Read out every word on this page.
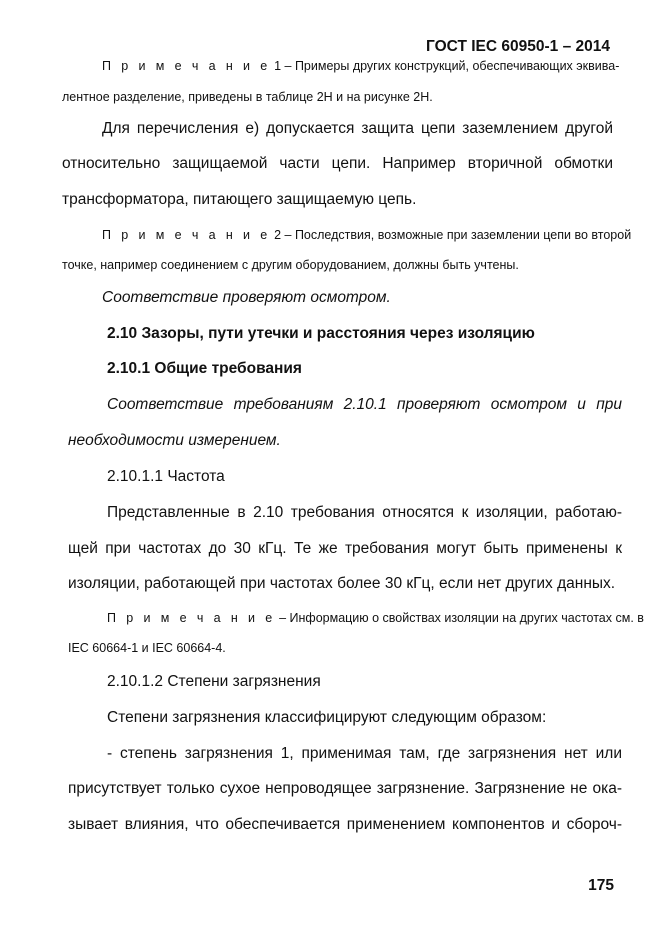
ГОСТ IEC 60950-1 – 2014
П р и м е ч а н и е 1 – Примеры других конструкций, обеспечивающих эквива-
лентное разделение, приведены в таблице 2H и на рисунке 2H.
Для перечисления e) допускается защита цепи заземлением другой
относительно защищаемой части цепи. Например вторичной обмотки
трансформатора, питающего защищаемую цепь.
П р и м е ч а н и е 2 – Последствия, возможные при заземлении цепи во второй
точке, например соединением с другим оборудованием, должны быть учтены.
Соответствие проверяют осмотром.
2.10 Зазоры, пути утечки и расстояния через изоляцию
2.10.1 Общие требования
Соответствие требованиям 2.10.1 проверяют осмотром и при
необходимости измерением.
2.10.1.1 Частота
Представленные в 2.10 требования относятся к изоляции, работаю-
щей при частотах до 30 кГц. Те же требования могут быть применены к
изоляции, работающей при частотах более 30 кГц, если нет других данных.
П р и м е ч а н и е – Информацию о свойствах изоляции на других частотах см. в
IEC 60664-1 и IEC 60664-4.
2.10.1.2 Степени загрязнения
Степени загрязнения классифицируют следующим образом:
- степень загрязнения 1, применимая там, где загрязнения нет или
присутствует только сухое непроводящее загрязнение. Загрязнение не ока-
зывает влияния, что обеспечивается применением компонентов и сбороч-
175
